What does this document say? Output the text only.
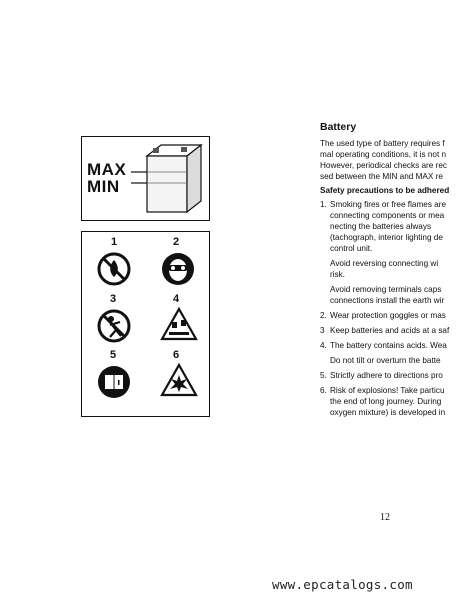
MAX
MIN
1	2
3	4
5	6
Battery
The used type of battery requires f
mal operating conditions, it is not n
However, periodical checks are rec
sed between the MIN and MAX re
Safety precautions to be adhered
1. Smoking fires or free flames are
connecting components or mea
necting the batteries always
(tachograph, interior lighting de
control unit.
Avoid reversing connecting wi
risk.
Avoid removing terminals caps
connections install the earth wir
2. Wear protection goggles or mas
3 Keep batteries and acids at a saf
4. The battery contains acids. Wea
Do not tilt or overturn the batte
5. Strictly adhere to directions pro
6. Risk of explosions! Take particu
the end of long journey. During
oxygen mixture) is developed in
12
www.epcatalogs.com
